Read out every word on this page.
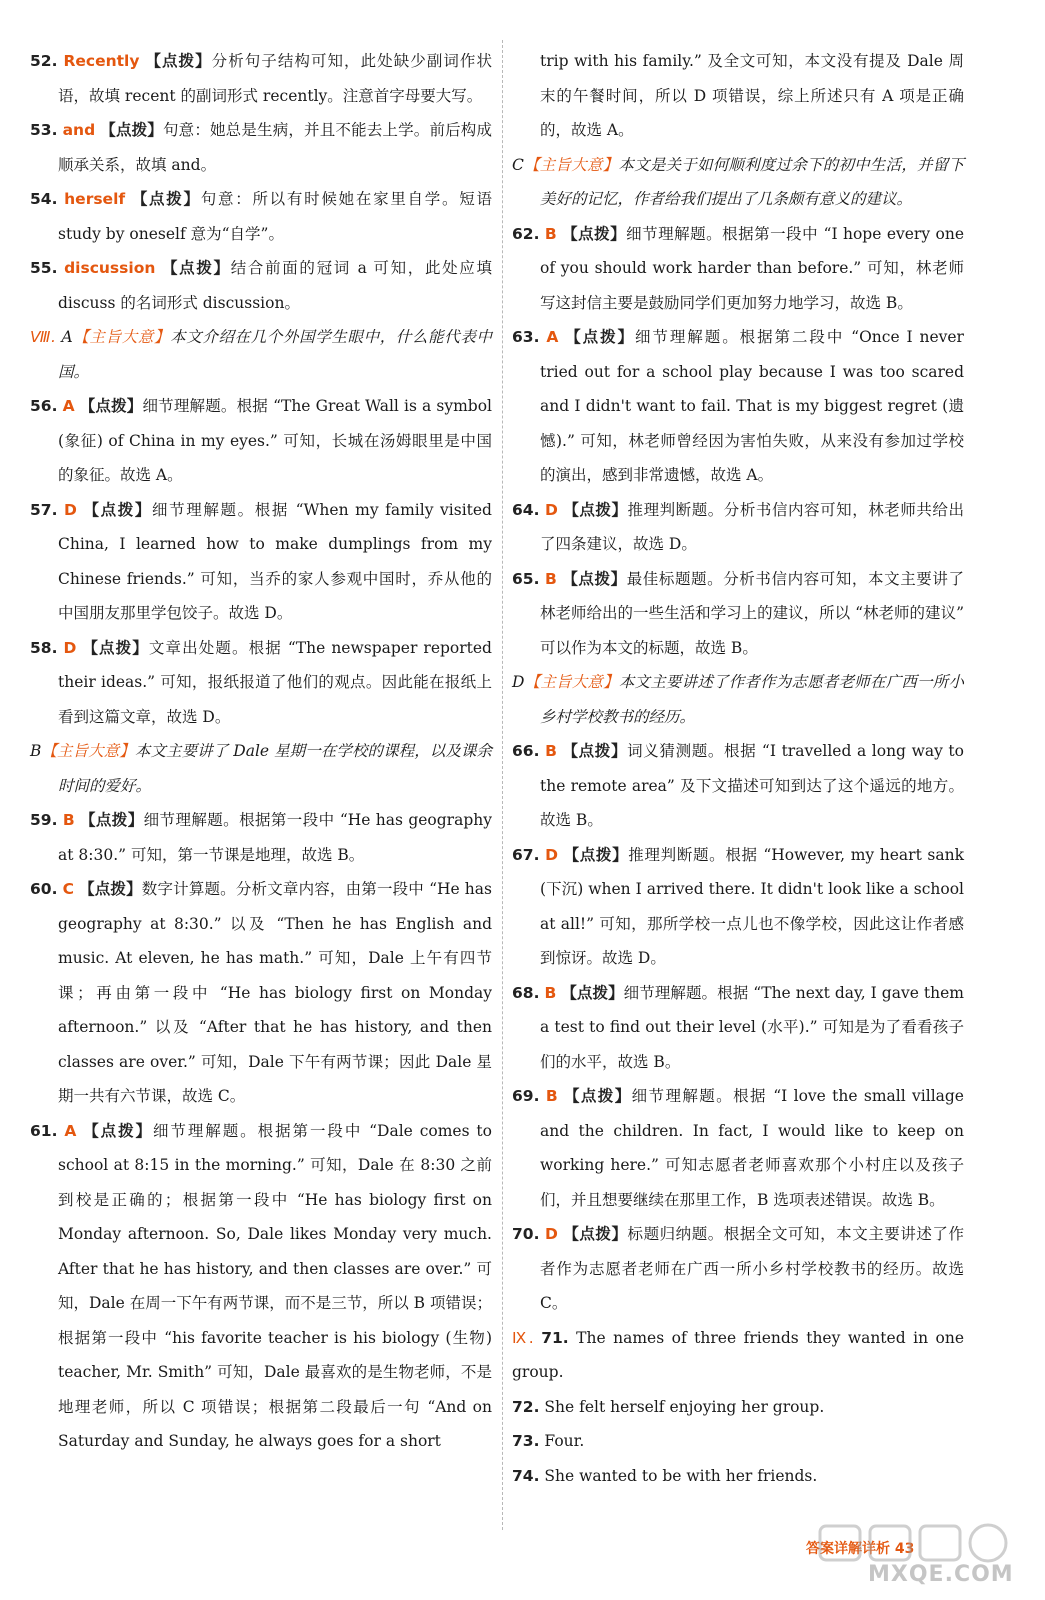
52. Recently 【点拨】分析句子结构可知，此处缺少副词作状语，故填 recent 的副词形式 recently。注意首字母要大写。
53. and 【点拨】句意：她总是生病，并且不能去上学。前后构成顺承关系，故填 and。
54. herself 【点拨】句意：所以有时候她在家里自学。短语 study by oneself 意为“自学”。
55. discussion 【点拨】结合前面的冠词 a 可知，此处应填 discuss 的名词形式 discussion。
Ⅷ. A【主旨大意】本文介绍在几个外国学生眼中，什么能代表中国。
56. A 【点拨】细节理解题。根据 “The Great Wall is a symbol (象征) of China in my eyes.” 可知，长城在汤姆眼里是中国的象征。故选 A。
57. D 【点拨】细节理解题。根据 “When my family visited China, I learned how to make dumplings from my Chinese friends.” 可知，当乔的家人参观中国时，乔从他的中国朋友那里学包饺子。故选 D。
58. D 【点拨】文章出处题。根据 “The newspaper reported their ideas.” 可知，报纸报道了他们的观点。因此能在报纸上看到这篇文章，故选 D。
B【主旨大意】本文主要讲了 Dale 星期一在学校的课程，以及课余时间的爱好。
59. B 【点拨】细节理解题。根据第一段中 “He has geography at 8:30.” 可知，第一节课是地理，故选 B。
60. C 【点拨】数字计算题。分析文章内容，由第一段中 “He has geography at 8:30.” 以及 “Then he has English and music. At eleven, he has math.” 可知，Dale 上午有四节课；再由第一段中 “He has biology first on Monday afternoon.” 以及 “After that he has history, and then classes are over.” 可知，Dale 下午有两节课；因此 Dale 星期一共有六节课，故选 C。
61. A 【点拨】细节理解题。根据第一段中 “Dale comes to school at 8:15 in the morning.” 可知，Dale 在 8:30 之前到校是正确的；根据第一段中 “He has biology first on Monday afternoon. So, Dale likes Monday very much. After that he has history, and then classes are over.” 可知，Dale 在周一下午有两节课，而不是三节，所以 B 项错误；根据第一段中 “his favorite teacher is his biology (生物) teacher, Mr. Smith” 可知，Dale 最喜欢的是生物老师，不是地理老师，所以 C 项错误；根据第二段最后一句 “And on Saturday and Sunday, he always goes for a short
trip with his family.” 及全文可知，本文没有提及 Dale 周末的午餐时间，所以 D 项错误，综上所述只有 A 项是正确的，故选 A。
C【主旨大意】本文是关于如何顺利度过余下的初中生活，并留下美好的记忆，作者给我们提出了几条颇有意义的建议。
62. B 【点拨】细节理解题。根据第一段中 “I hope every one of you should work harder than before.” 可知，林老师写这封信主要是鼓励同学们更加努力地学习，故选 B。
63. A 【点拨】细节理解题。根据第二段中 “Once I never tried out for a school play because I was too scared and I didn't want to fail. That is my biggest regret (遗憾).” 可知，林老师曾经因为害怕失败，从来没有参加过学校的演出，感到非常遗憾，故选 A。
64. D 【点拨】推理判断题。分析书信内容可知，林老师共给出了四条建议，故选 D。
65. B 【点拨】最佳标题题。分析书信内容可知，本文主要讲了林老师给出的一些生活和学习上的建议，所以 “林老师的建议” 可以作为本文的标题，故选 B。
D【主旨大意】本文主要讲述了作者作为志愿者老师在广西一所小乡村学校教书的经历。
66. B 【点拨】词义猜测题。根据 “I travelled a long way to the remote area” 及下文描述可知到达了这个遥远的地方。故选 B。
67. D 【点拨】推理判断题。根据 “However, my heart sank (下沉) when I arrived there. It didn't look like a school at all!” 可知，那所学校一点儿也不像学校，因此这让作者感到惊讶。故选 D。
68. B 【点拨】细节理解题。根据 “The next day, I gave them a test to find out their level (水平).” 可知是为了看看孩子们的水平，故选 B。
69. B 【点拨】细节理解题。根据 “I love the small village and the children. In fact, I would like to keep on working here.” 可知志愿者老师喜欢那个小村庄以及孩子们，并且想要继续在那里工作，B 选项表述错误。故选 B。
70. D 【点拨】标题归纳题。根据全文可知，本文主要讲述了作者作为志愿者老师在广西一所小乡村学校教书的经历。故选 C。
Ⅸ. 71. The names of three friends they wanted in one group.
72. She felt herself enjoying her group.
73. Four.
74. She wanted to be with her friends.
答案详解详析 43
MXQE.COM
